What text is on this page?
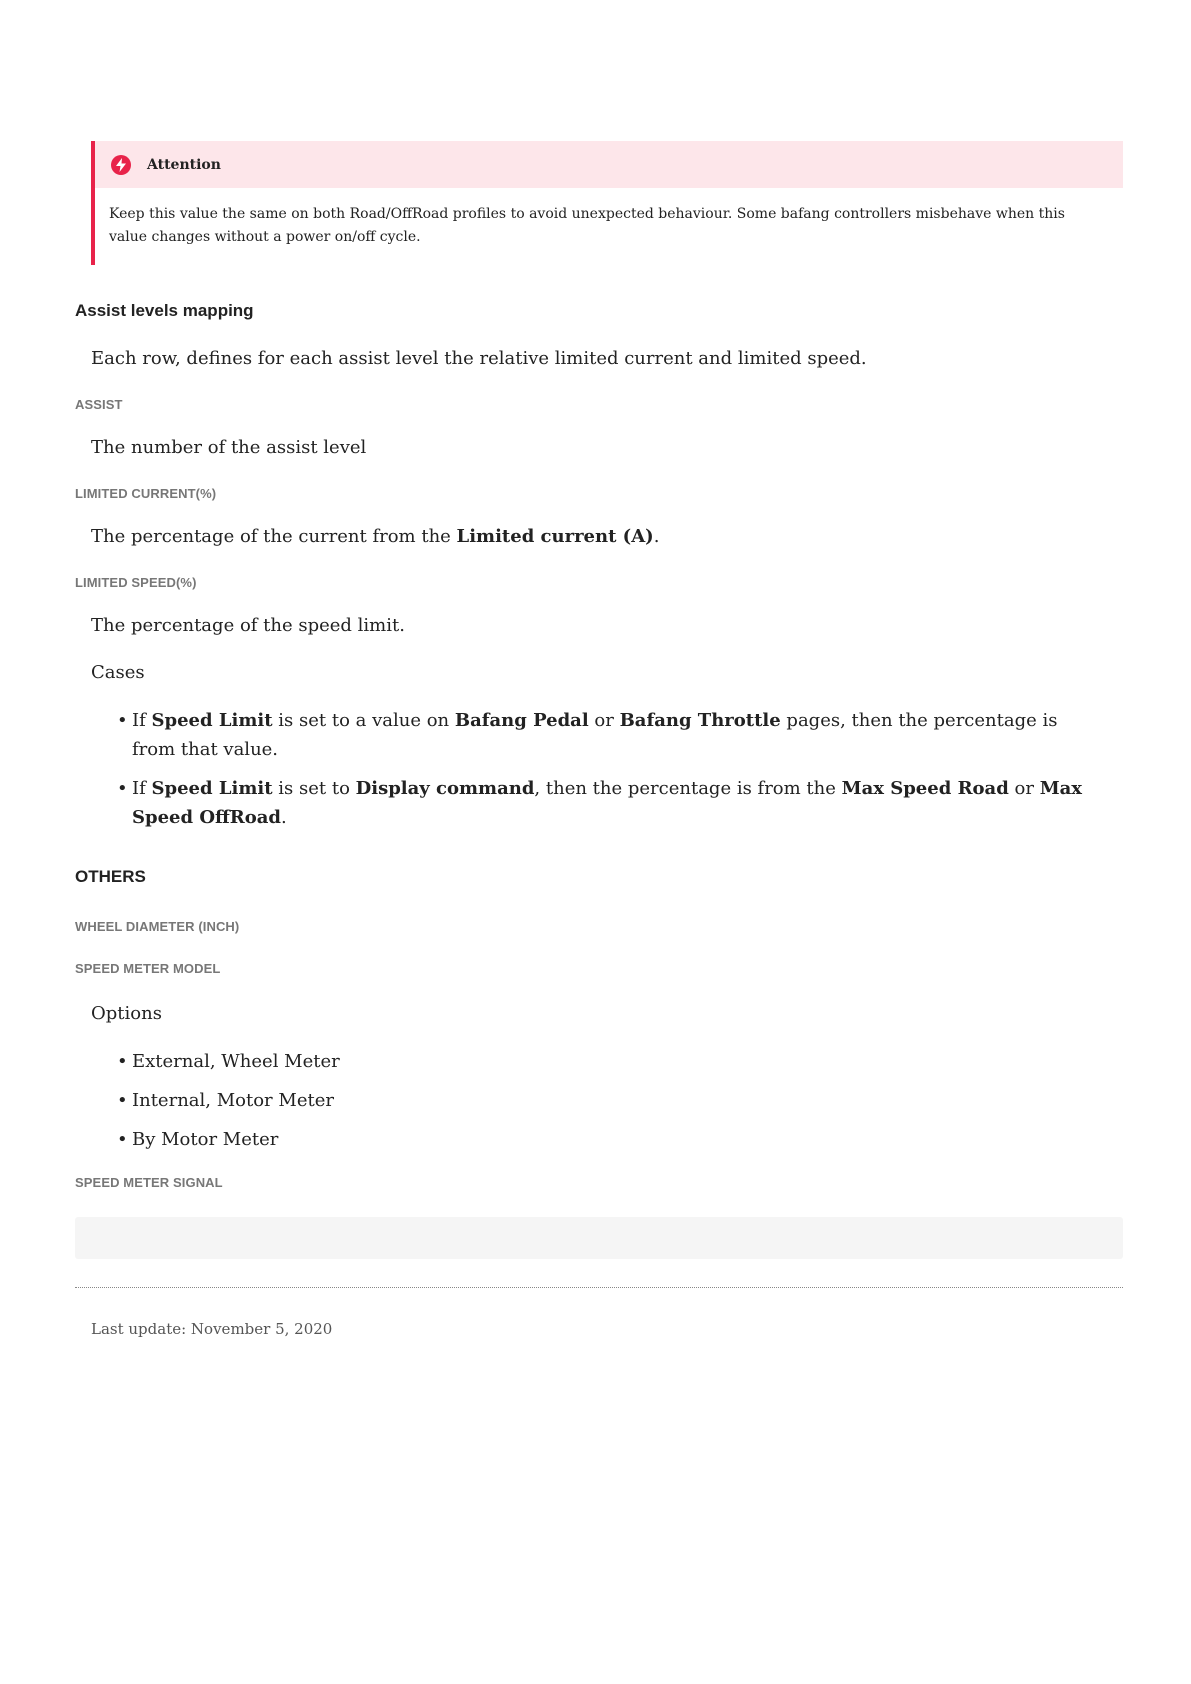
Attention
Keep this value the same on both Road/OffRoad profiles to avoid unexpected behaviour. Some bafang controllers misbehave when this value changes without a power on/off cycle.
Assist levels mapping

Each row, defines for each assist level the relative limited current and limited speed.

ASSIST

The number of the assist level

LIMITED CURRENT(%)

The percentage of the current from the Limited current (A).

LIMITED SPEED(%)

The percentage of the speed limit.

Cases

• If Speed Limit is set to a value on Bafang Pedal or Bafang Throttle pages, then the percentage is
from that value.
• If Speed Limit is set to Display command, then the percentage is from the Max Speed Road or Max
Speed OffRoad.
OTHERS
WHEEL DIAMETER (INCH)
SPEED METER MODEL

Options

• External, Wheel Meter
• Internal, Motor Meter
• By Motor Meter
SPEED METER SIGNAL
Last update: November 5, 2020
